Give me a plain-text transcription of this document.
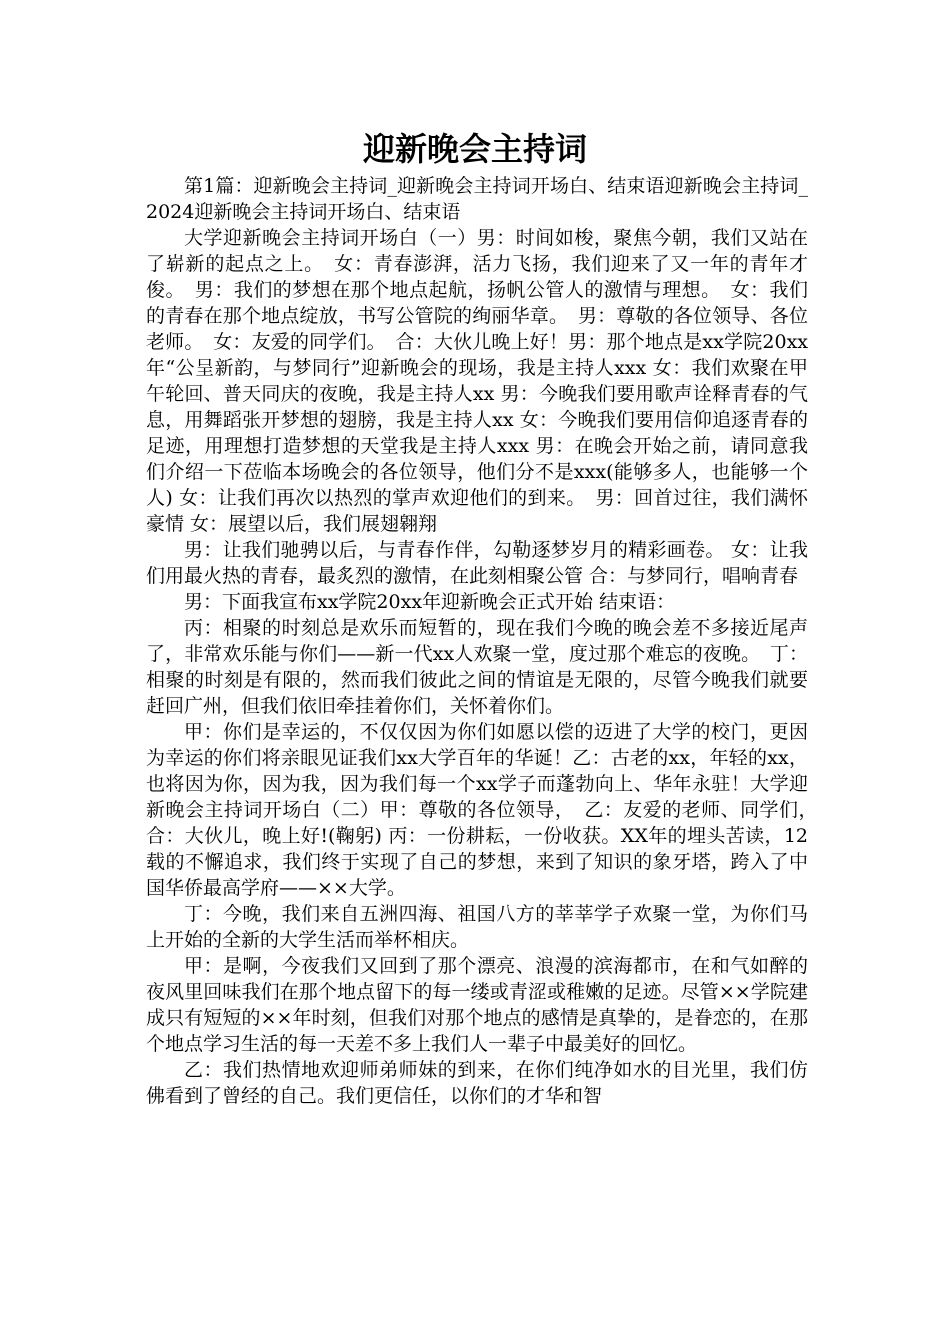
迎新晚会主持词

第1篇：迎新晚会主持词_迎新晚会主持词开场白、结束语迎新晚会主持词_2024迎新晚会主持词开场白、结束语

大学迎新晚会主持词开场白（一）男：时间如梭，聚焦今朝，我们又站在了崭新的起点之上。　女：青春澎湃，活力飞扬，我们迎来了又一年的青年才俊。　男：我们的梦想在那个地点起航，扬帆公管人的激情与理想。　女：我们的青春在那个地点绽放，书写公管院的绚丽华章。　男：尊敬的各位领导、各位老师。　女：友爱的同学们。　合：大伙儿晚上好！男：那个地点是xx学院20xx年“公呈新韵，与梦同行”迎新晚会的现场，我是主持人xxx 女：我们欢聚在甲午轮回、普天同庆的夜晚，我是主持人xx 男：今晚我们要用歌声诠释青春的气息，用舞蹈张开梦想的翅膀，我是主持人xx 女：今晚我们要用信仰追逐青春的足迹，用理想打造梦想的天堂我是主持人xxx 男：在晚会开始之前，请同意我们介绍一下莅临本场晚会的各位领导，他们分不是xxx(能够多人，也能够一个人) 女：让我们再次以热烈的掌声欢迎他们的到来。　男：回首过往，我们满怀豪情 女：展望以后，我们展翅翱翔

男：让我们驰骋以后，与青春作伴，勾勒逐梦岁月的精彩画卷。 女：让我们用最火热的青春，最炙烈的激情，在此刻相聚公管 合：与梦同行，唱响青春

男：下面我宣布xx学院20xx年迎新晚会正式开始 结束语：

丙：相聚的时刻总是欢乐而短暂的，现在我们今晚的晚会差不多接近尾声了，非常欢乐能与你们——新一代xx人欢聚一堂，度过那个难忘的夜晚。　丁：相聚的时刻是有限的，然而我们彼此之间的情谊是无限的，尽管今晚我们就要赶回广州，但我们依旧牵挂着你们，关怀着你们。

甲：你们是幸运的，不仅仅因为你们如愿以偿的迈进了大学的校门，更因为幸运的你们将亲眼见证我们xx大学百年的华诞！乙：古老的xx，年轻的xx，也将因为你，因为我，因为我们每一个xx学子而蓬勃向上、华年永驻！大学迎新晚会主持词开场白（二）甲：尊敬的各位领导，　乙：友爱的老师、同学们，　合：大伙儿，晚上好!(鞠躬) 丙：一份耕耘，一份收获。XX年的埋头苦读，12载的不懈追求，我们终于实现了自己的梦想，来到了知识的象牙塔，跨入了中国华侨最高学府——××大学。

丁：今晚，我们来自五洲四海、祖国八方的莘莘学子欢聚一堂，为你们马上开始的全新的大学生活而举杯相庆。

甲：是啊，今夜我们又回到了那个漂亮、浪漫的滨海都市，在和气如醉的夜风里回味我们在那个地点留下的每一缕或青涩或稚嫩的足迹。尽管××学院建成只有短短的××年时刻，但我们对那个地点的感情是真挚的，是眷恋的，在那个地点学习生活的每一天差不多上我们人一辈子中最美好的回忆。

乙：我们热情地欢迎师弟师妹的到来，在你们纯净如水的目光里，我们仿佛看到了曾经的自己。我们更信任，以你们的才华和智
